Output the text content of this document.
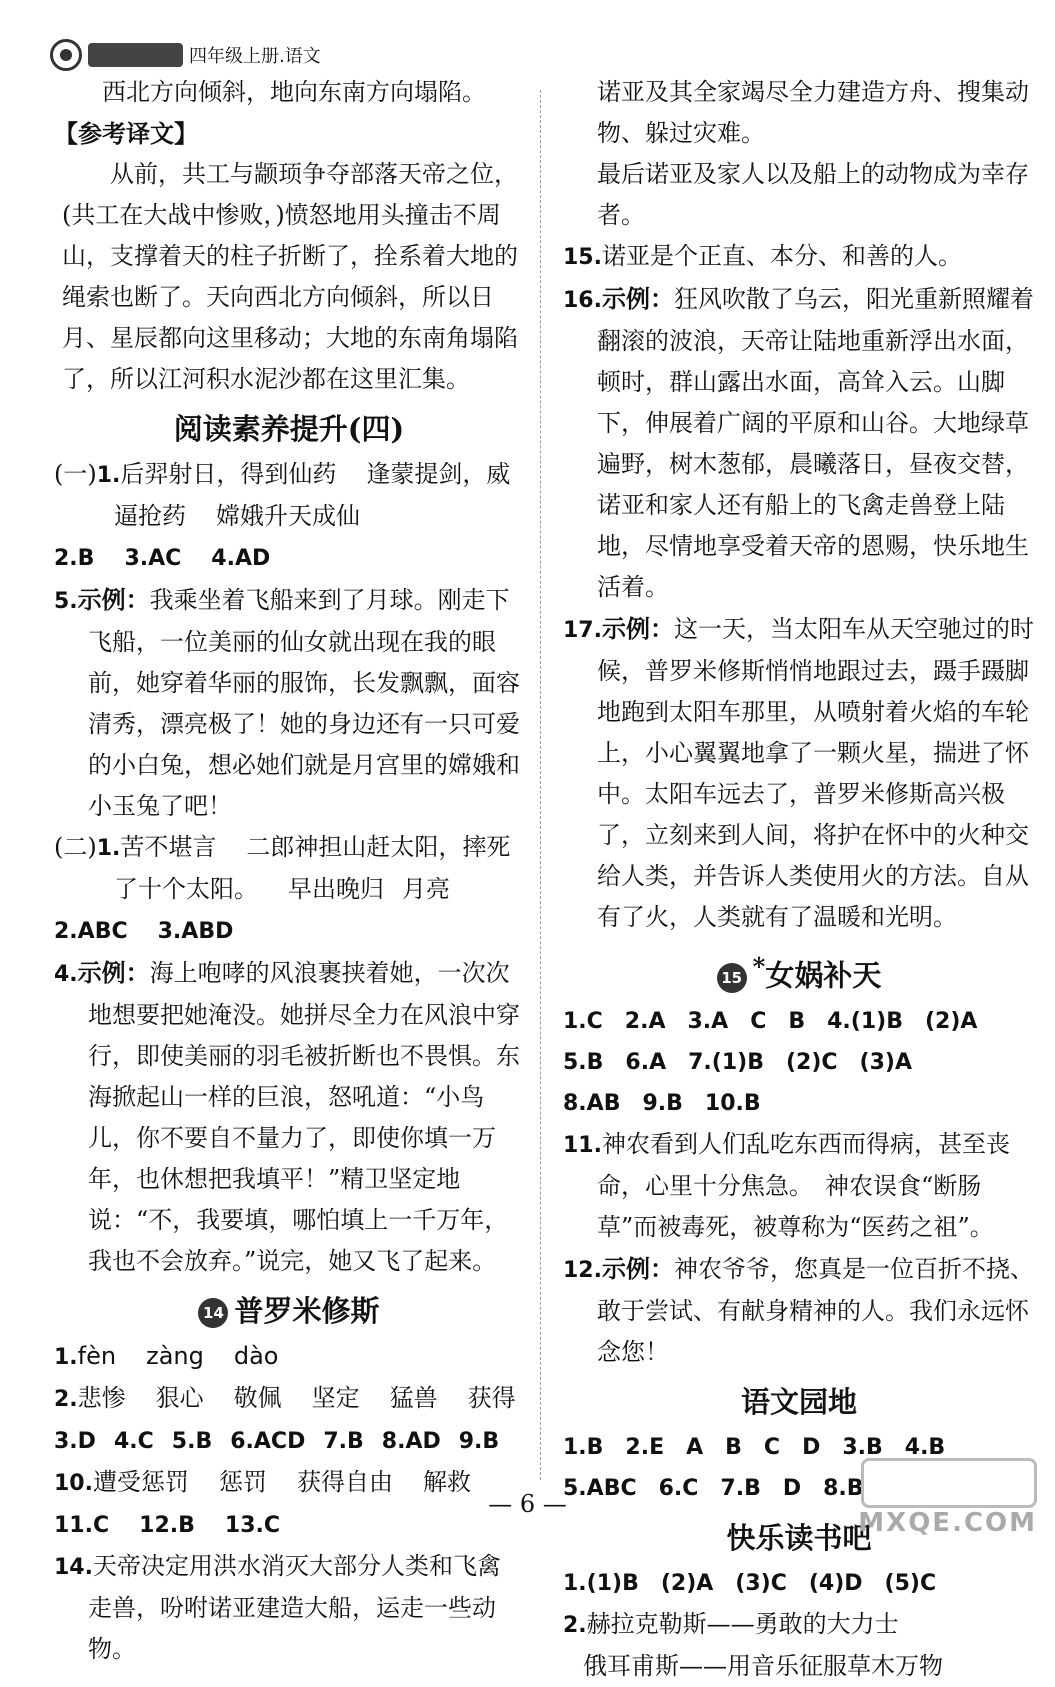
四年级上册.语文

西北方向倾斜，地向东南方向塌陷。

【参考译文】

从前，共工与颛顼争夺部落天帝之位，(共工在大战中惨败，)愤怒地用头撞击不周山，支撑着天的柱子折断了，拴系着大地的绳索也断了。天向西北方向倾斜，所以日月、星辰都向这里移动；大地的东南角塌陷了，所以江河积水泥沙都在这里汇集。

阅读素养提升(四)

(一)1.后羿射日，得到仙药 逢蒙提剑，威逼抢药 嫦娥升天成仙

2.B 3.AC 4.AD

5.示例：我乘坐着飞船来到了月球。刚走下飞船，一位美丽的仙女就出现在我的眼前，她穿着华丽的服饰，长发飘飘，面容清秀，漂亮极了！她的身边还有一只可爱的小白兔，想必她们就是月宫里的嫦娥和小玉兔了吧！

(二)1.苦不堪言 二郎神担山赶太阳，摔死了十个太阳。 早出晚归 月亮

2.ABC 3.ABD

4.示例：海上咆哮的风浪裹挟着她，一次次地想要把她淹没。她拼尽全力在风浪中穿行，即使美丽的羽毛被折断也不畏惧。东海掀起山一样的巨浪，怒吼道：“小鸟儿，你不要自不量力了，即使你填一万年，也休想把我填平！”精卫坚定地说：“不，我要填，哪怕填上一千万年，我也不会放弃。”说完，她又飞了起来。

14 普罗米修斯

1.fèn zàng dào

2.悲惨 狠心 敬佩 坚定 猛兽 获得

3.D 4.C 5.B 6.ACD 7.B 8.AD 9.B

10.遭受惩罚 惩罚 获得自由 解救

11.C 12.B 13.C

14.天帝决定用洪水消灭大部分人类和飞禽走兽，吩咐诺亚建造大船，运走一些动物。

诺亚及其全家竭尽全力建造方舟、搜集动物、躲过灾难。

最后诺亚及家人以及船上的动物成为幸存者。

15.诺亚是个正直、本分、和善的人。

16.示例：狂风吹散了乌云，阳光重新照耀着翻滚的波浪，天帝让陆地重新浮出水面，顿时，群山露出水面，高耸入云。山脚下，伸展着广阔的平原和山谷。大地绿草遍野，树木葱郁，晨曦落日，昼夜交替，诺亚和家人还有船上的飞禽走兽登上陆地，尽情地享受着天帝的恩赐，快乐地生活着。

17.示例：这一天，当太阳车从天空驰过的时候，普罗米修斯悄悄地跟过去，蹑手蹑脚地跑到太阳车那里，从喷射着火焰的车轮上，小心翼翼地拿了一颗火星，揣进了怀中。太阳车远去了，普罗米修斯高兴极了，立刻来到人间，将护在怀中的火种交给人类，并告诉人类使用火的方法。自从有了火，人类就有了温暖和光明。

15 *女娲补天

1.C　2.A　3.A　C　B　4.(1)B　(2)A

5.B　6.A　7.(1)B　(2)C　(3)A

8.AB　9.B　10.B

11.神农看到人们乱吃东西而得病，甚至丧命，心里十分焦急。　神农误食“断肠草”而被毒死，被尊称为“医药之祖”。

12.示例：神农爷爷，您真是一位百折不挠、敢于尝试、有献身精神的人。我们永远怀念您！

语文园地

1.B　2.E　A　B　C　D　3.B　4.B

5.ABC　6.C　7.B　D　8.B

快乐读书吧

1.(1)B　(2)A　(3)C　(4)D　(5)C

2.赫拉克勒斯——勇敢的大力士

俄耳甫斯——用音乐征服草木万物

— 6 —
MXQE.COM
